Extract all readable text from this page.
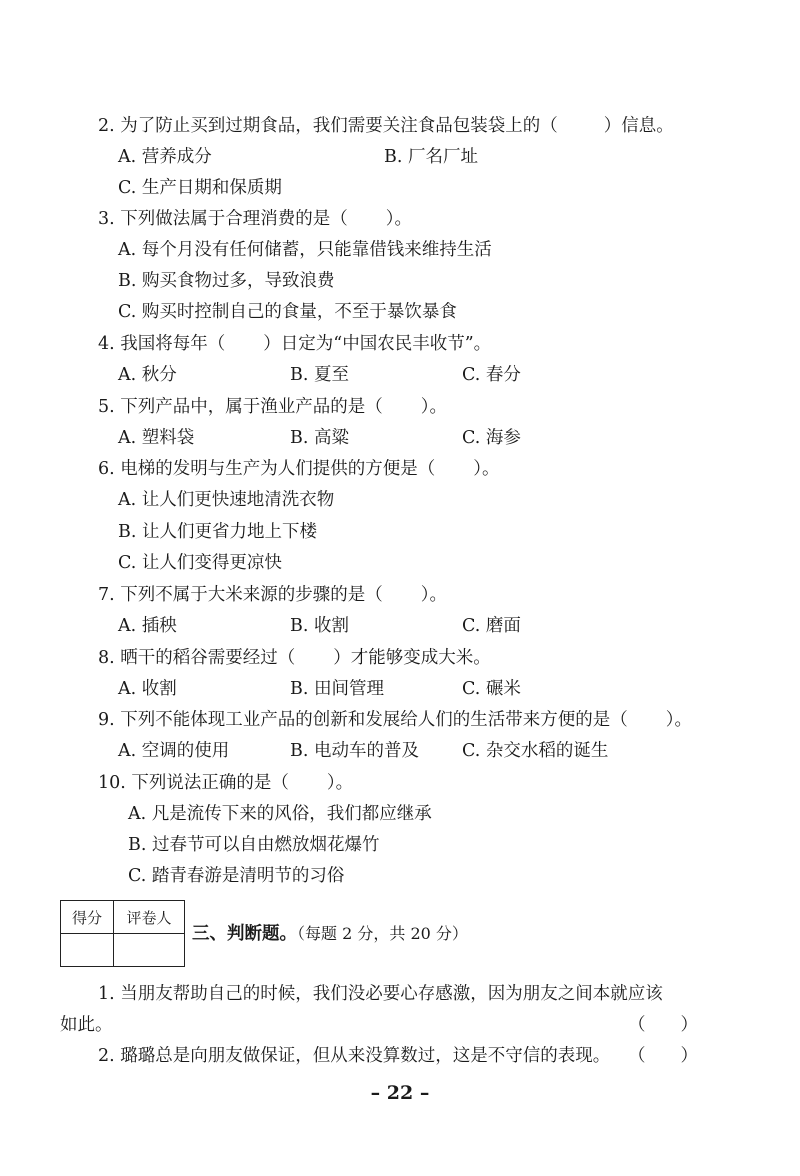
2. 为了防止买到过期食品，我们需要关注食品包装袋上的（	）信息。
A. 营养成分	B. 厂名厂址
C. 生产日期和保质期
3. 下列做法属于合理消费的是（ ）。
A. 每个月没有任何储蓄，只能靠借钱来维持生活
B. 购买食物过多，导致浪费
C. 购买时控制自己的食量，不至于暴饮暴食
4. 我国将每年（ ）日定为“中国农民丰收节”。
A. 秋分	B. 夏至	C. 春分
5. 下列产品中，属于渔业产品的是（ ）。
A. 塑料袋	B. 高粱	C. 海参
6. 电梯的发明与生产为人们提供的方便是（ ）。
A. 让人们更快速地清洗衣物
B. 让人们更省力地上下楼
C. 让人们变得更凉快
7. 下列不属于大米来源的步骤的是（ ）。
A. 插秧	B. 收割	C. 磨面
8. 晒干的稻谷需要经过（ ）才能够变成大米。
A. 收割	B. 田间管理	C. 碾米
9. 下列不能体现工业产品的创新和发展给人们的生活带来方便的是（ ）。
A. 空调的使用	B. 电动车的普及 C. 杂交水稻的诞生
10. 下列说法正确的是（ ）。
A. 凡是流传下来的风俗，我们都应继承
B. 过春节可以自由燃放烟花爆竹
C. 踏青春游是清明节的习俗
得分	评卷人

三、判断题。（每题 2 分，共 20 分）
1. 当朋友帮助自己的时候，我们没必要心存感激，因为朋友之间本就应该
如此。	（　　）
2. 璐璐总是向朋友做保证，但从来没算数过，这是不守信的表现。 （　　）
– 22 –
